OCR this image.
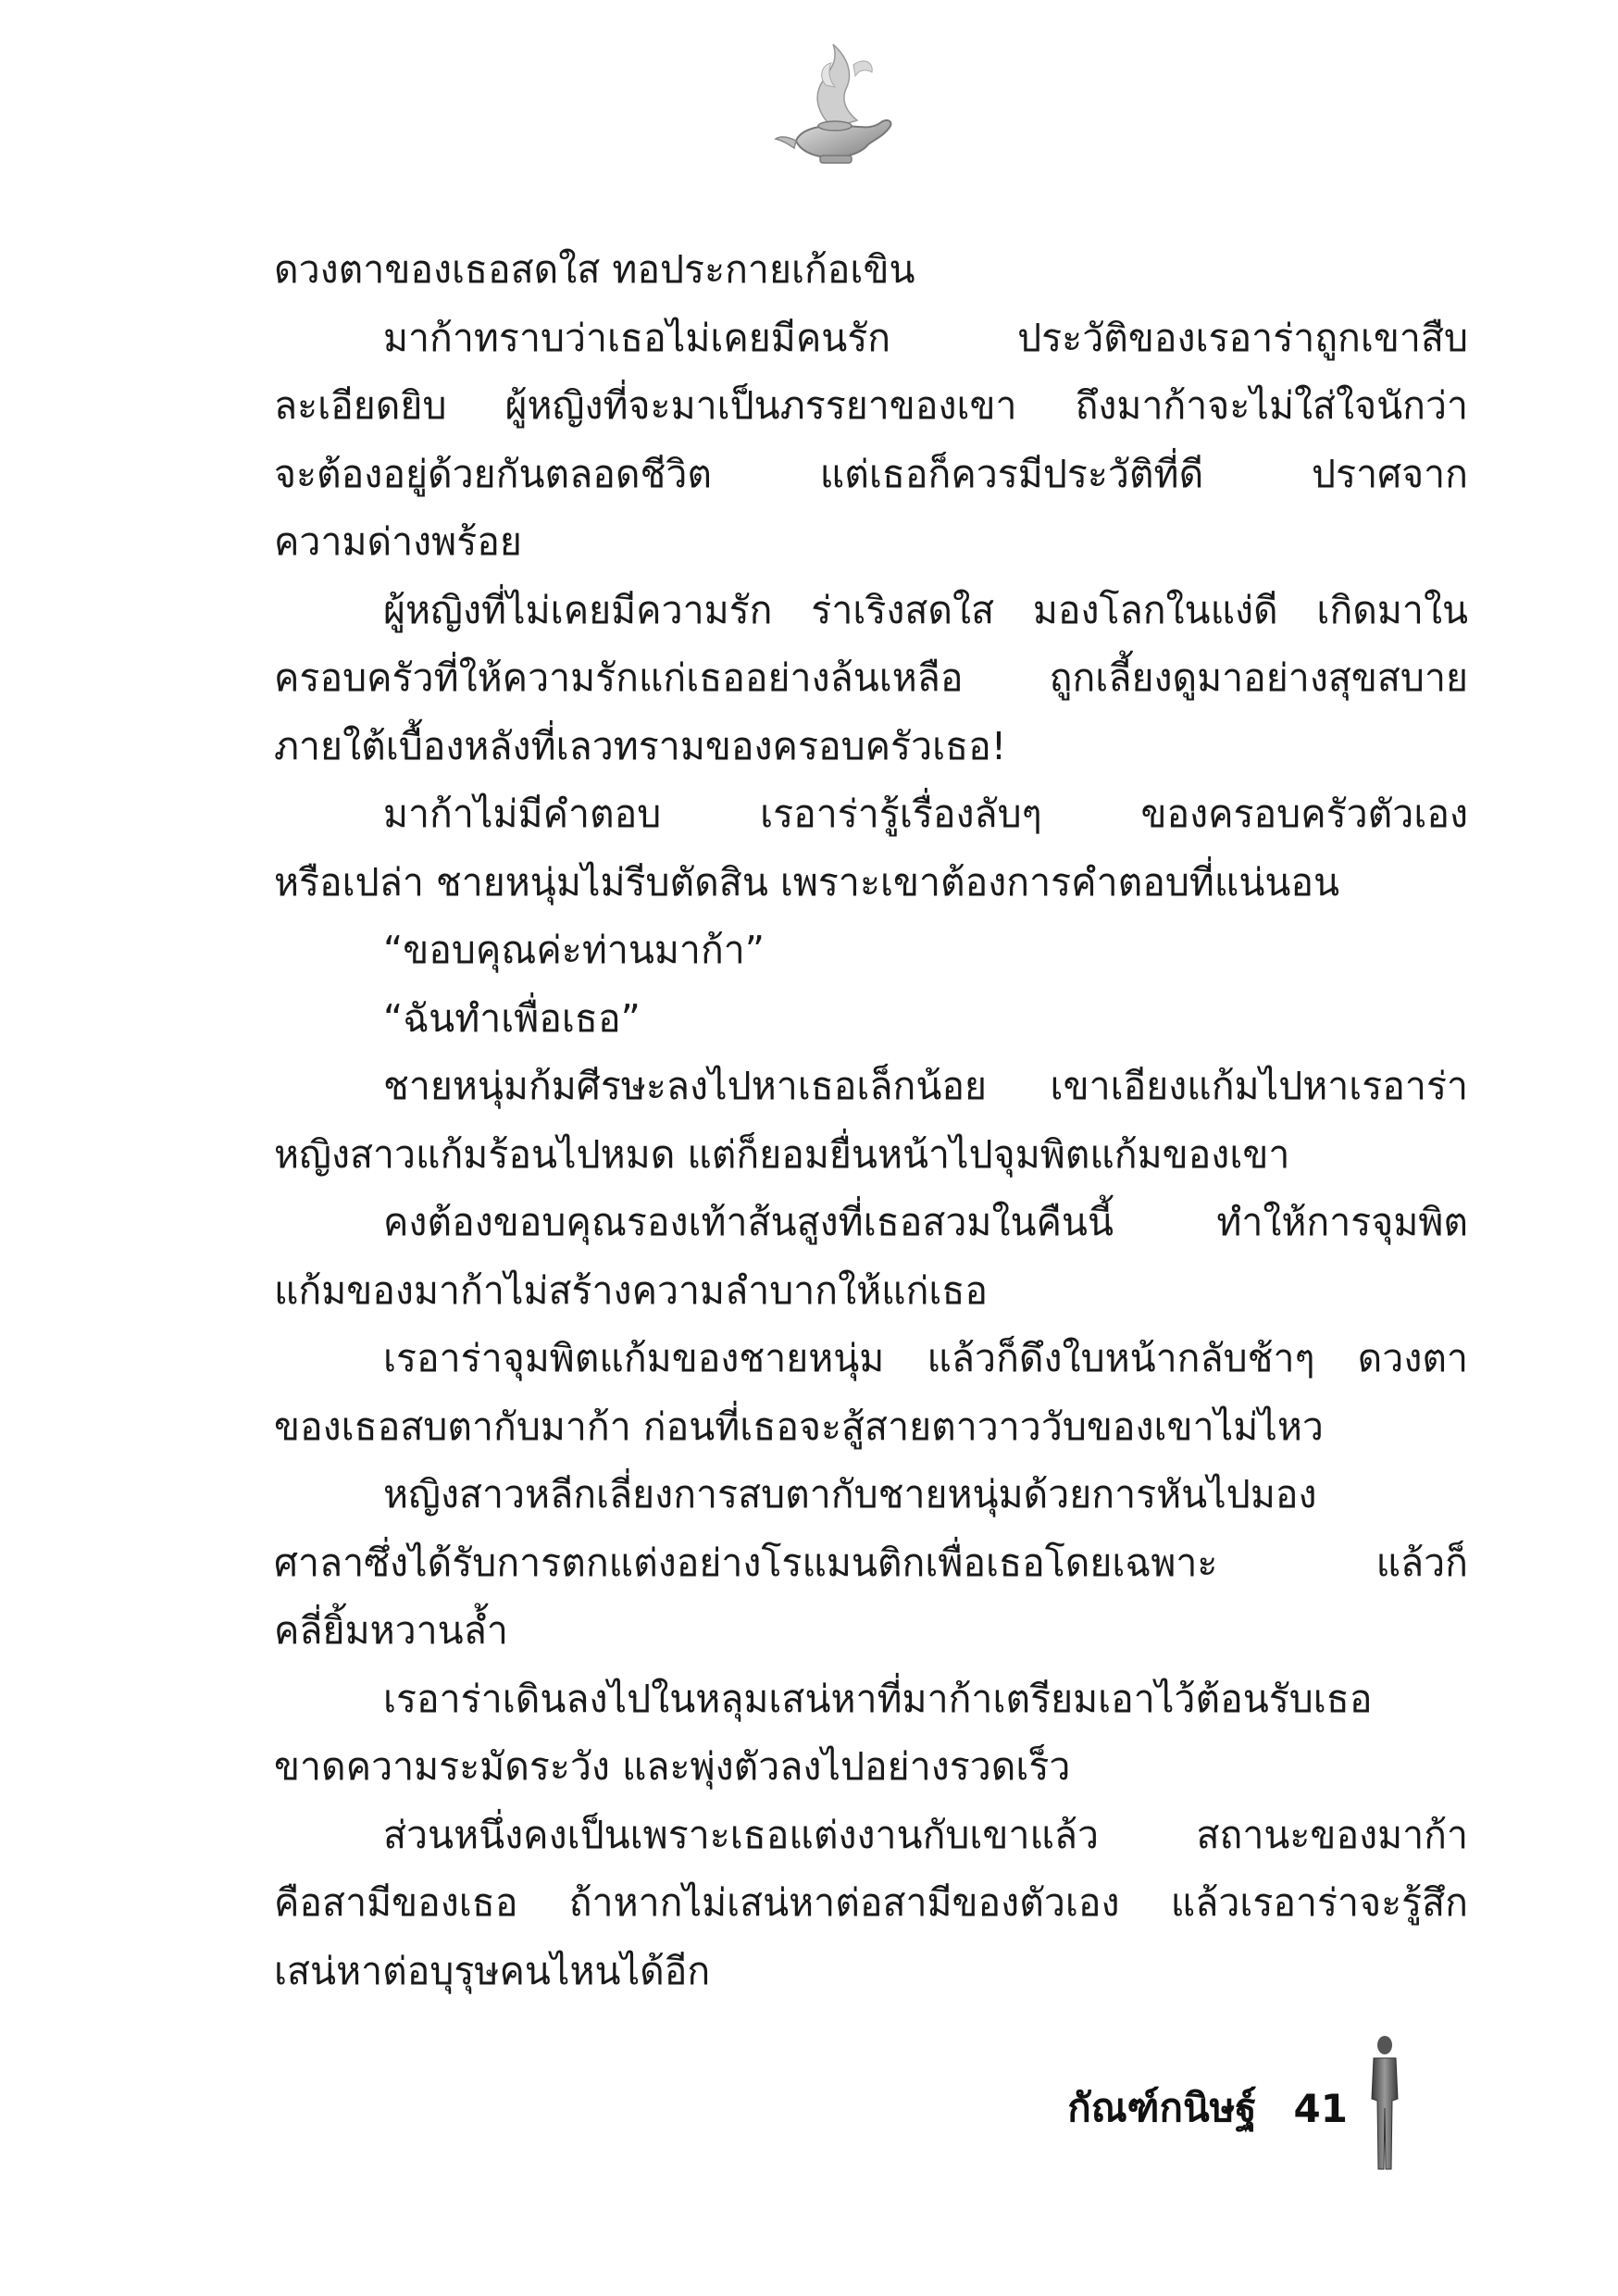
ดวงตาของเธอสดใส ทอประกายเก้อเขิน
มาก้าทราบว่าเธอไม่เคยมีคนรัก ประวัติของเรอาร่าถูกเขาสืบ
ละเอียดยิบ ผู้หญิงที่จะมาเป็นภรรยาของเขา ถึงมาก้าจะไม่ใส่ใจนักว่า
จะต้องอยู่ด้วยกันตลอดชีวิต แต่เธอก็ควรมีประวัติที่ดี ปราศจาก
ความด่างพร้อย
ผู้หญิงที่ไม่เคยมีความรัก ร่าเริงสดใส มองโลกในแง่ดี เกิดมาใน
ครอบครัวที่ให้ความรักแก่เธออย่างล้นเหลือ ถูกเลี้ยงดูมาอย่างสุขสบาย
ภายใต้เบื้องหลังที่เลวทรามของครอบครัวเธอ!
มาก้าไม่มีคำตอบ เรอาร่ารู้เรื่องลับๆ ของครอบครัวตัวเอง
หรือเปล่า ชายหนุ่มไม่รีบตัดสิน เพราะเขาต้องการคำตอบที่แน่นอน
“ขอบคุณค่ะท่านมาก้า”
“ฉันทำเพื่อเธอ”
ชายหนุ่มก้มศีรษะลงไปหาเธอเล็กน้อย เขาเอียงแก้มไปหาเรอาร่า
หญิงสาวแก้มร้อนไปหมด แต่ก็ยอมยื่นหน้าไปจุมพิตแก้มของเขา
คงต้องขอบคุณรองเท้าส้นสูงที่เธอสวมในคืนนี้ ทำให้การจุมพิต
แก้มของมาก้าไม่สร้างความลำบากให้แก่เธอ
เรอาร่าจุมพิตแก้มของชายหนุ่ม แล้วก็ดึงใบหน้ากลับช้าๆ ดวงตา
ของเธอสบตากับมาก้า ก่อนที่เธอจะสู้สายตาวาววับของเขาไม่ไหว
หญิงสาวหลีกเลี่ยงการสบตากับชายหนุ่มด้วยการหันไปมอง
ศาลาซึ่งได้รับการตกแต่งอย่างโรแมนติกเพื่อเธอโดยเฉพาะ แล้วก็
คลี่ยิ้มหวานล้ำ
เรอาร่าเดินลงไปในหลุมเสน่หาที่มาก้าเตรียมเอาไว้ต้อนรับเธอ
ขาดความระมัดระวัง และพุ่งตัวลงไปอย่างรวดเร็ว
ส่วนหนึ่งคงเป็นเพราะเธอแต่งงานกับเขาแล้ว สถานะของมาก้า
คือสามีของเธอ ถ้าหากไม่เสน่หาต่อสามีของตัวเอง แล้วเรอาร่าจะรู้สึก
เสน่หาต่อบุรุษคนไหนได้อีก
กัณฑ์กนิษฐ์ 41
